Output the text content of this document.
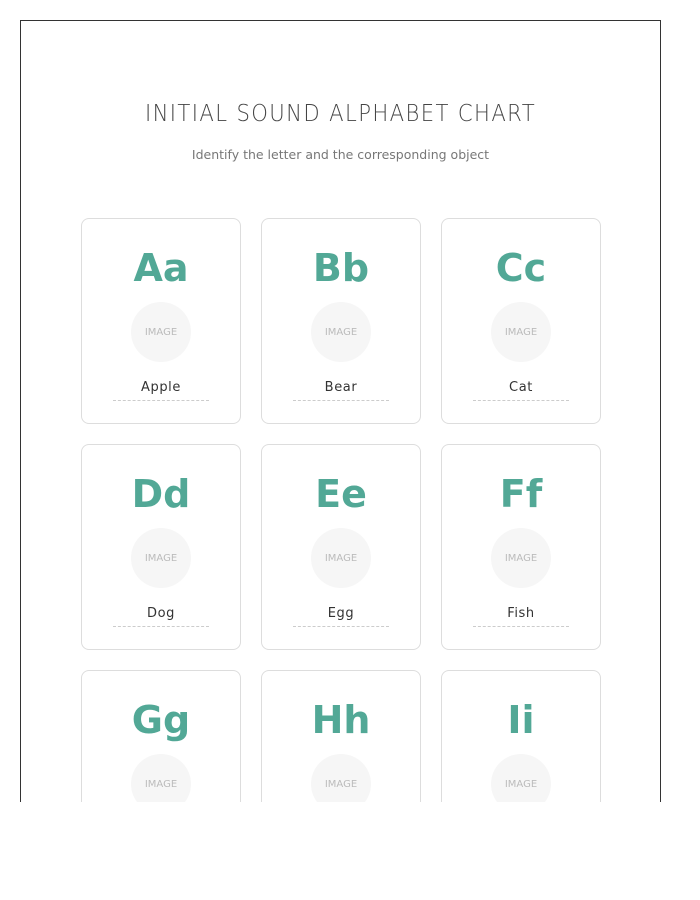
INITIAL SOUND ALPHABET CHART
Identify the letter and the corresponding object
Aa
IMAGE
Apple
Bb
IMAGE
Bear
Cc
IMAGE
Cat
Dd
IMAGE
Dog
Ee
IMAGE
Egg
Ff
IMAGE
Fish
Gg
IMAGE
Hh
IMAGE
Ii
IMAGE
